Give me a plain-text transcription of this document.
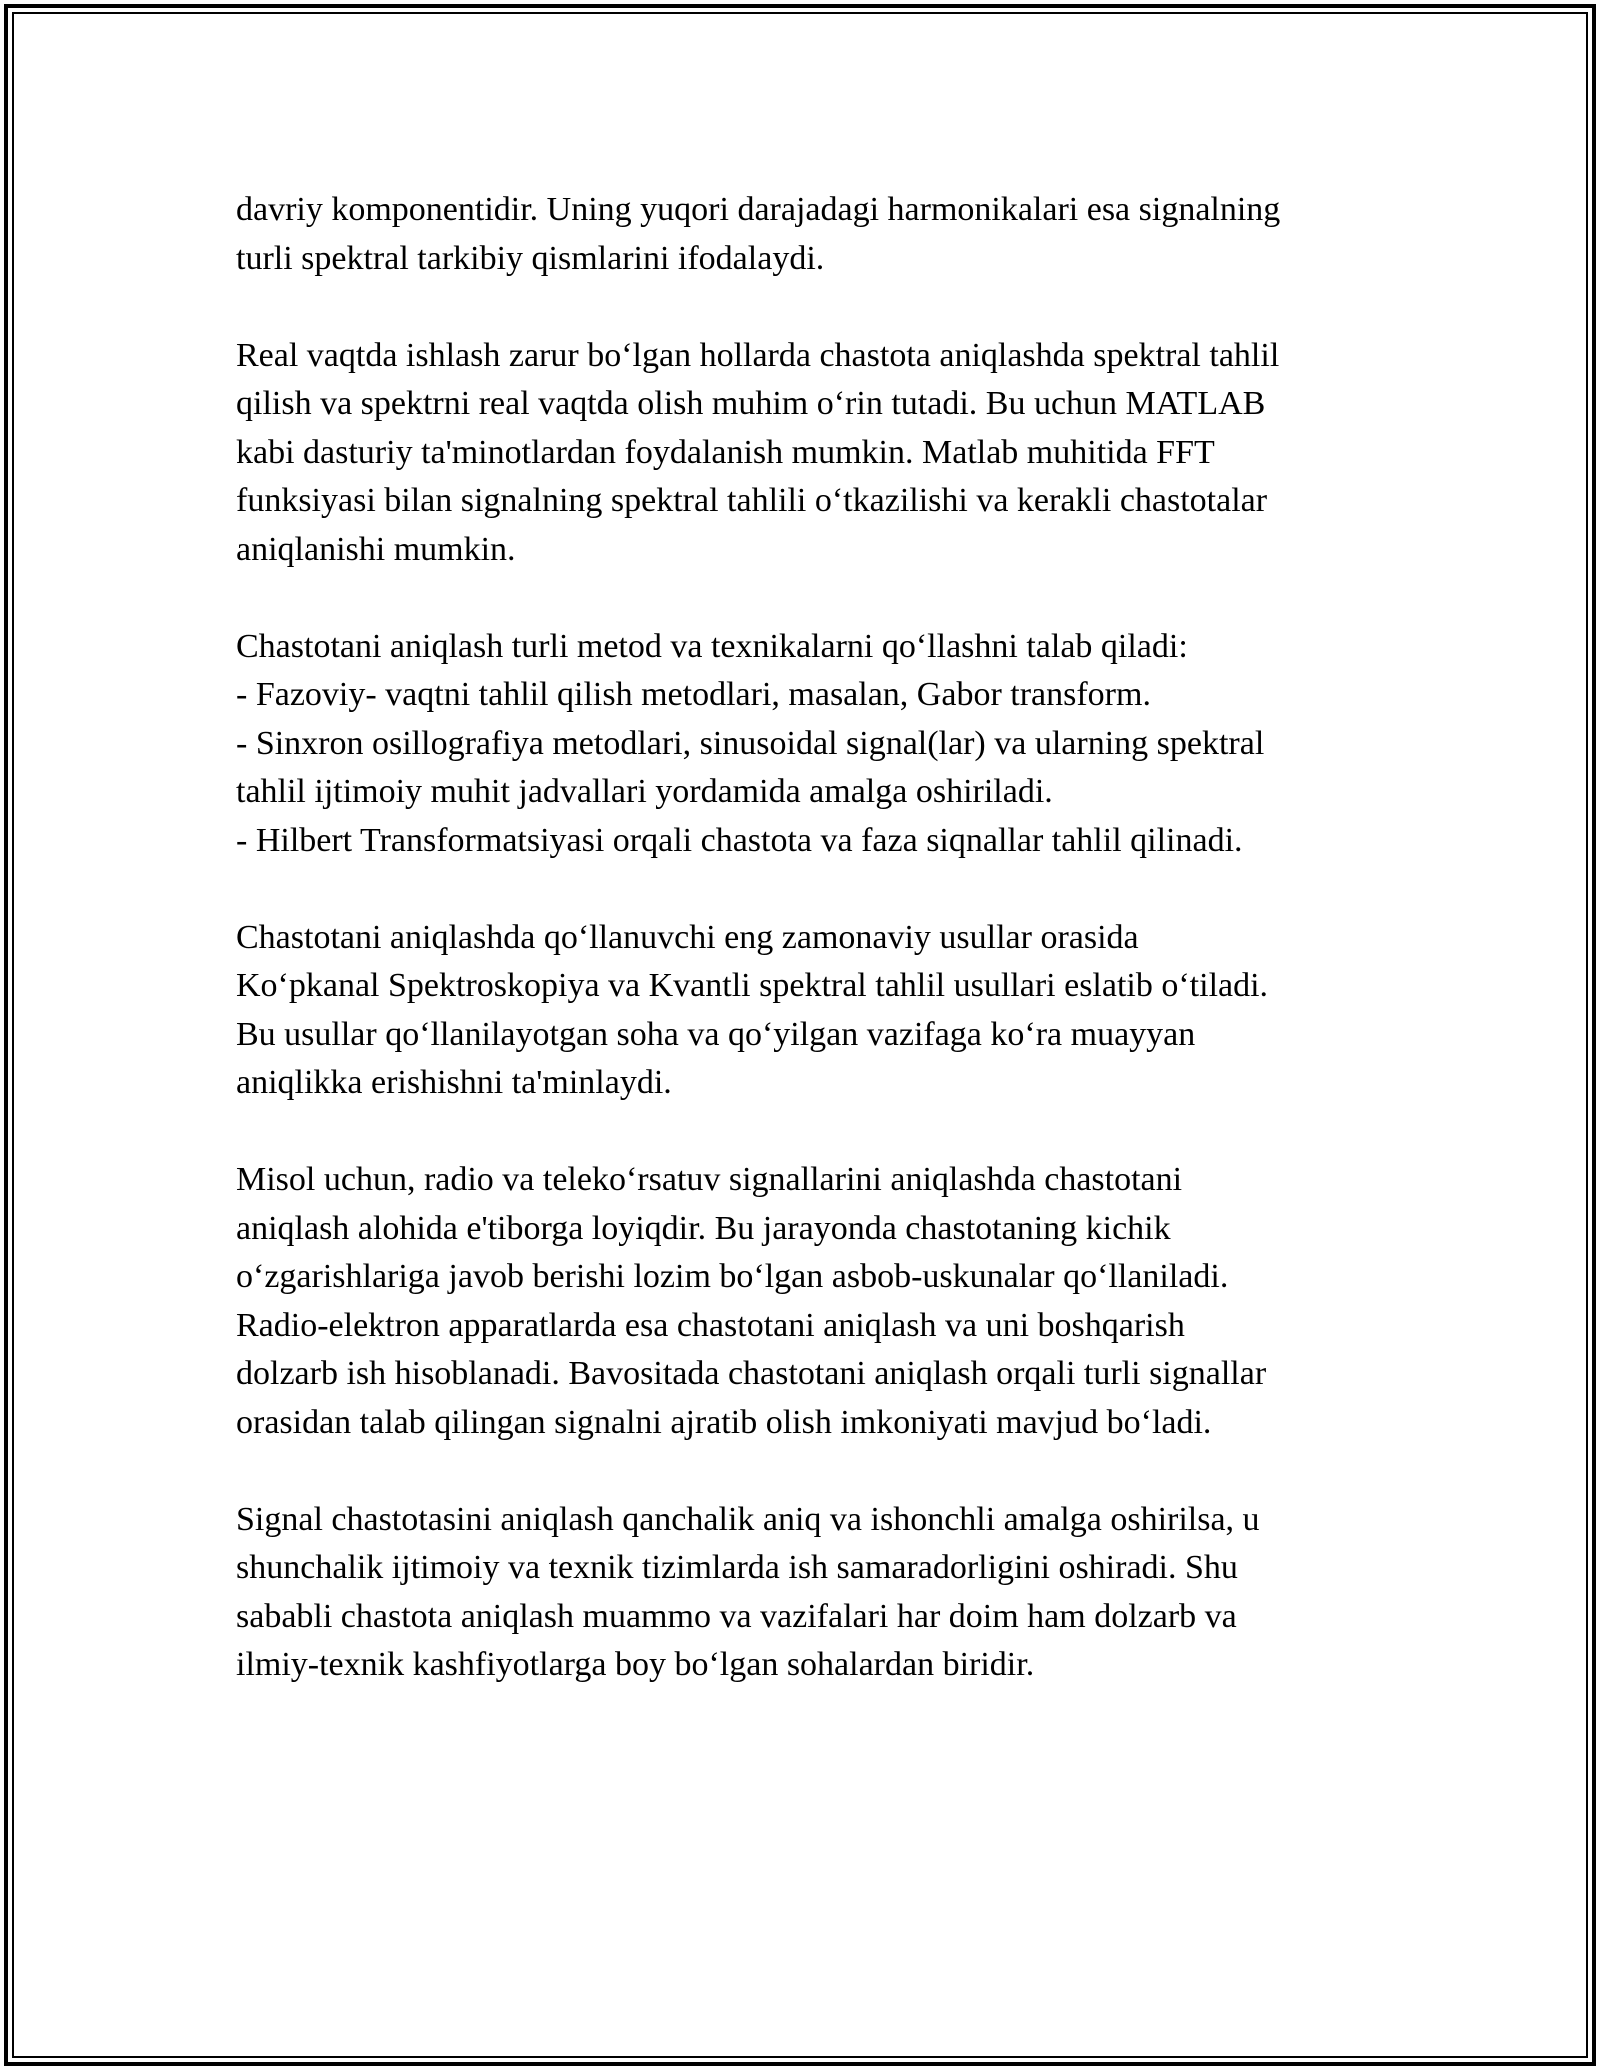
davriy komponentidir. Uning yuqori darajadagi harmonikalari esa signalning
turli spektral tarkibiy qismlarini ifodalaydi.
Real vaqtda ishlash zarur bo‘lgan hollarda chastota aniqlashda spektral tahlil
qilish va spektrni real vaqtda olish muhim o‘rin tutadi. Bu uchun MATLAB
kabi dasturiy ta'minotlardan foydalanish mumkin. Matlab muhitida FFT
funksiyasi bilan signalning spektral tahlili o‘tkazilishi va kerakli chastotalar
aniqlanishi mumkin.
Chastotani aniqlash turli metod va texnikalarni qo‘llashni talab qiladi:
- Fazoviy- vaqtni tahlil qilish metodlari, masalan, Gabor transform.
- Sinxron osillografiya metodlari, sinusoidal signal(lar) va ularning spektral
tahlil ijtimoiy muhit jadvallari yordamida amalga oshiriladi.
- Hilbert Transformatsiyasi orqali chastota va faza siqnallar tahlil qilinadi.
Chastotani aniqlashda qo‘llanuvchi eng zamonaviy usullar orasida
Ko‘pkanal Spektroskopiya va Kvantli spektral tahlil usullari eslatib o‘tiladi.
Bu usullar qo‘llanilayotgan soha va qo‘yilgan vazifaga ko‘ra muayyan
aniqlikka erishishni ta'minlaydi.
Misol uchun, radio va teleko‘rsatuv signallarini aniqlashda chastotani
aniqlash alohida e'tiborga loyiqdir. Bu jarayonda chastotaning kichik
o‘zgarishlariga javob berishi lozim bo‘lgan asbob-uskunalar qo‘llaniladi.
Radio-elektron apparatlarda esa chastotani aniqlash va uni boshqarish
dolzarb ish hisoblanadi. Bavositada chastotani aniqlash orqali turli signallar
orasidan talab qilingan signalni ajratib olish imkoniyati mavjud bo‘ladi.
Signal chastotasini aniqlash qanchalik aniq va ishonchli amalga oshirilsa, u
shunchalik ijtimoiy va texnik tizimlarda ish samaradorligini oshiradi. Shu
sababli chastota aniqlash muammo va vazifalari har doim ham dolzarb va
ilmiy-texnik kashfiyotlarga boy bo‘lgan sohalardan biridir.
